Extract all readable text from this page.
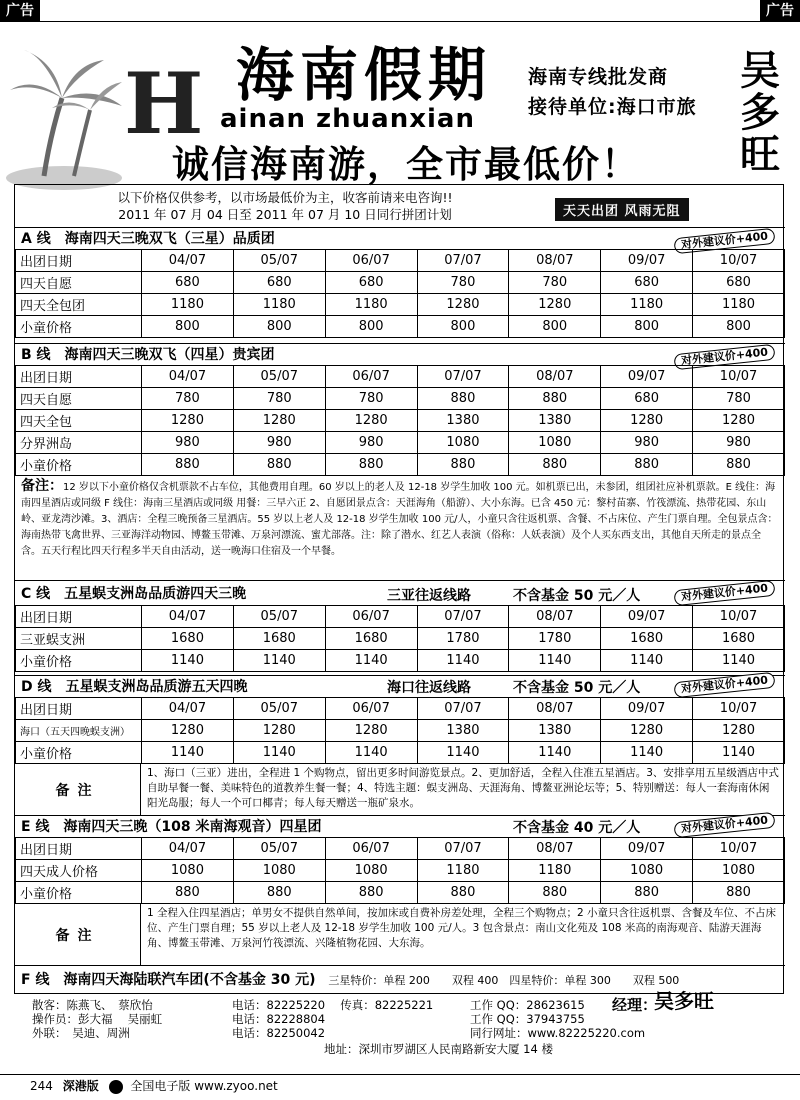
广告	广告
H 海南假期
ainan zhuanxian
海南专线批发商
接待单位:海口市旅
吴多旺
诚信海南游，全市最低价！
以下价格仅供参考，以市场最低价为主，收客前请来电咨询!!
2011 年 07 月 04 日至 2011 年 07 月 10 日同行拼团计划	天天出团 风雨无阻
A 线　海南四天三晚双飞（三星）品质团	对外建议价+400
出团日期	04/07	05/07	06/07	07/07	08/07	09/07	10/07
四天自愿	680	680	680	780	780	680	680
四天全包团	1180	1180	1180	1280	1280	1180	1180
小童价格	800	800	800	800	800	800	800
B 线　海南四天三晚双飞（四星）贵宾团	对外建议价+400
出团日期	04/07	05/07	06/07	07/07	08/07	09/07	10/07
四天自愿	780	780	780	880	880	680	780
四天全包	1280	1280	1280	1380	1380	1280	1280
分界洲岛	980	980	980	1080	1080	980	980
小童价格	880	880	880	880	880	880	880
备注：12 岁以下小童价格仅含机票款不占车位，其他费用自理。60 岁以上的老人及 12-18 岁学生加收 100 元。如机票已出，未参团，组团社应补机票款。E 线住：海南四星酒店或同级 F 线住：海南三星酒店或同级 用餐：三早六正 2、自愿团景点含：天涯海角（船游）、大小东海。已含 450 元：黎村苗寨、竹筏漂流、热带花园、东山岭、亚龙湾沙滩。3、酒店：全程三晚预备三星酒店。55 岁以上老人及 12-18 岁学生加收 100 元/人，小童只含往返机票、含餐、不占床位、产生门票自理。全包景点含：海南热带飞禽世界、三亚海洋动物园、博鳌玉带滩、万泉河漂流、蜜尤部落。注：除了潜水、红艺人表演（俗称：人妖表演）及个人买东西支出，其他自天所走的景点全含。五天行程比四天行程多半天自由活动，送一晚海口住宿及一个早餐。
C 线　五星蜈支洲岛品质游四天三晚	三亚往返线路	不含基金 50 元／人	对外建议价+400
出团日期	04/07	05/07	06/07	07/07	08/07	09/07	10/07
三亚蜈支洲	1680	1680	1680	1780	1780	1680	1680
小童价格	1140	1140	1140	1140	1140	1140	1140
D 线　五星蜈支洲岛品质游五天四晚	海口往返线路	不含基金 50 元／人	对外建议价+400
出团日期	04/07	05/07	06/07	07/07	08/07	09/07	10/07
海口（五天四晚蜈支洲）	1280	1280	1280	1380	1380	1280	1280
小童价格	1140	1140	1140	1140	1140	1140	1140
备注
1、海口（三亚）进出，全程进 1 个购物点，留出更多时间游览景点。2、更加舒适，全程入住准五星酒店。3、安排享用五星级酒店中式自助早餐一餐、美味特色的道教养生餐一餐；4、特选主题：蜈支洲岛、天涯海角、博鳌亚洲论坛等；5、特别赠送：每人一套海南休闲阳光岛服；每人一个可口椰青；每人每天赠送一瓶矿泉水。
E 线　海南四天三晚（108 米南海观音）四星团	不含基金 40 元／人	对外建议价+400
出团日期	04/07	05/07	06/07	07/07	08/07	09/07	10/07
四天成人价格	1080	1080	1080	1180	1180	1080	1080
小童价格	880	880	880	880	880	880	880
备注
1 全程入住四星酒店；单男女不提供自然单间，按加床或自费补房差处理，全程三个购物点；2 小童只含往返机票、含餐及车位、不占床位、产生门票自理；55 岁以上老人及 12-18 岁学生加收 100 元/人。3 包含景点：南山文化苑及 108 米高的南海观音、陆游天涯海角、博鳌玉带滩、万泉河竹筏漂流、兴隆植物花园、大东海。
F 线　海南四天海陆联汽车团(不含基金 30 元) 三星特价：单程 200　　双程 400　四星特价：单程 300　　双程 500
散客：陈燕飞、　蔡欣怡
操作员：彭大福　 吴丽虹
外联：　吴迪、周洲
电话：82225220　 传真：82225221
电话：82228804
电话：82250042
工作 QQ：28623615
工作 QQ：37943755
同行网址：www.82225220.com
经理：
吴多旺
地址：深圳市罗湖区人民南路新安大厦 14 楼
244 深港版	全国电子版 www.zyoo.net
